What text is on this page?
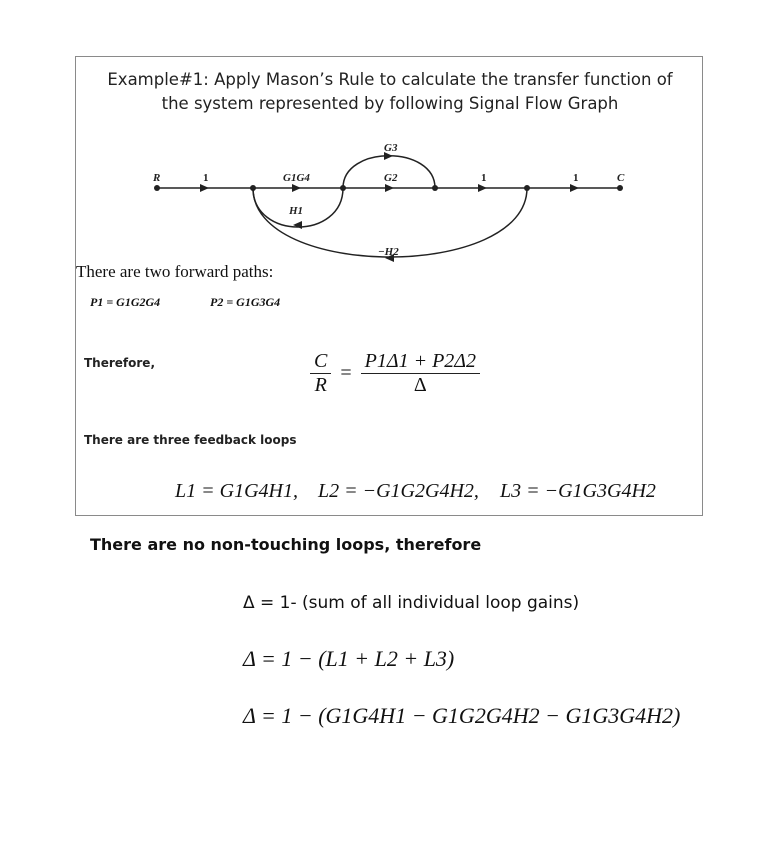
Example#1: Apply Mason’s Rule to calculate the transfer function of
the system represented by following Signal Flow Graph
R	1	G1G4
G3
G2	1	1	C
H1
−H2
There are two forward paths:
P1 = G1G2G4	P2 = G1G3G4
Therefore,	$\frac{C}{R} = \frac{P1\Delta 1 + P2\Delta 2}{\Delta}$
There are three feedback loops
L1 = G1G4H1, L2 = −G1G2G4H2, L3 = −G1G3G4H2
There are no non-touching loops, therefore
Δ = 1- (sum of all individual loop gains)
Δ = 1 − (L1 + L2 + L3)
Δ = 1 − (G1G4H1 − G1G2G4H2 − G1G3G4H2)
